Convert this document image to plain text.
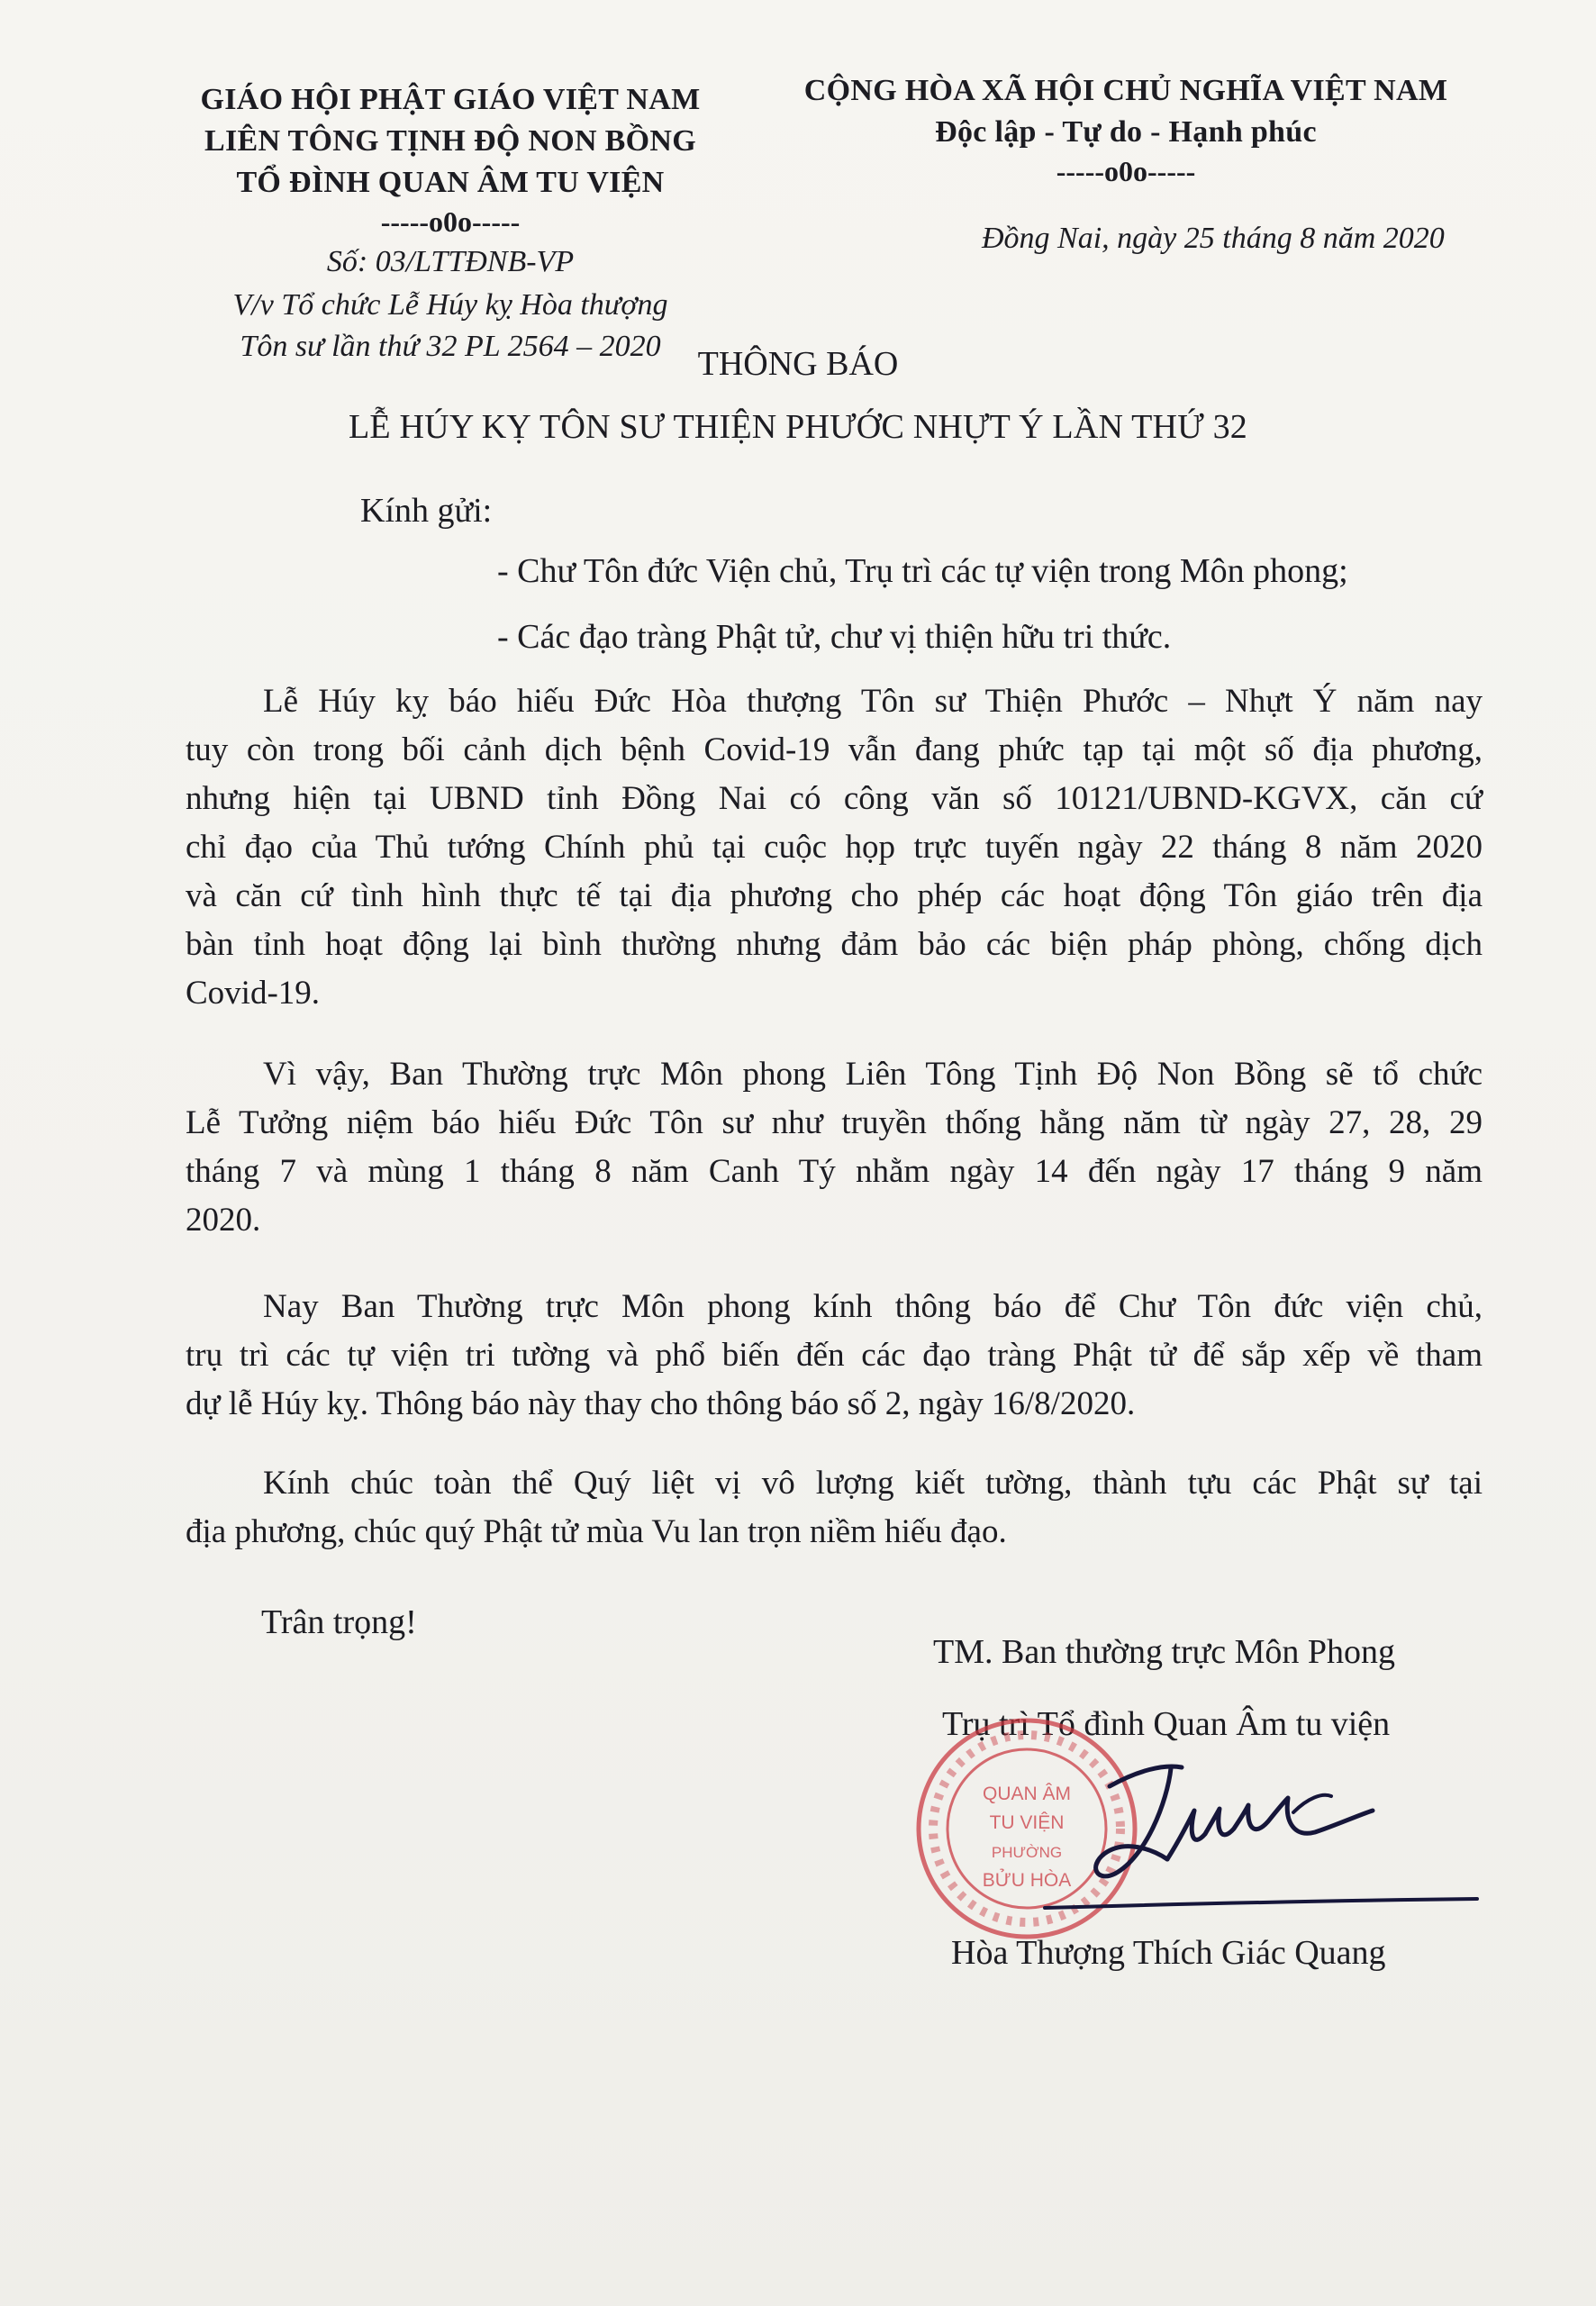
GIÁO HỘI PHẬT GIÁO VIỆT NAM
LIÊN TÔNG TỊNH ĐỘ NON BỒNG
TỔ ĐÌNH QUAN ÂM TU VIỆN
-----o0o-----
Số: 03/LTTĐNB-VP
V/v Tổ chức Lễ Húy kỵ Hòa thượng
Tôn sư lần thứ 32 PL 2564 – 2020
CỘNG HÒA XÃ HỘI CHỦ NGHĨA VIỆT NAM
Độc lập - Tự do - Hạnh phúc
-----o0o-----
Đồng Nai, ngày 25 tháng 8 năm 2020
THÔNG BÁO
LỄ HÚY KỴ TÔN SƯ THIỆN PHƯỚC NHỰT Ý LẦN THỨ 32
Kính gửi:
- Chư Tôn đức Viện chủ, Trụ trì các tự viện trong Môn phong;
- Các đạo tràng Phật tử, chư vị thiện hữu tri thức.
Lễ Húy kỵ báo hiếu Đức Hòa thượng Tôn sư Thiện Phước – Nhựt Ý năm nay
tuy còn trong bối cảnh dịch bệnh Covid-19 vẫn đang phức tạp tại một số địa phương,
nhưng hiện tại UBND tỉnh Đồng Nai có công văn số 10121/UBND-KGVX, căn cứ
chỉ đạo của Thủ tướng Chính phủ tại cuộc họp trực tuyến ngày 22 tháng 8 năm 2020
và căn cứ tình hình thực tế tại địa phương cho phép các hoạt động Tôn giáo trên địa
bàn tỉnh hoạt động lại bình thường nhưng đảm bảo các biện pháp phòng, chống dịch
Covid-19.
Vì vậy, Ban Thường trực Môn phong Liên Tông Tịnh Độ Non Bồng sẽ tổ chức
Lễ Tưởng niệm báo hiếu Đức Tôn sư như truyền thống hằng năm từ ngày 27, 28, 29
tháng 7 và mùng 1 tháng 8 năm Canh Tý nhằm ngày 14 đến ngày 17 tháng 9 năm
2020.
Nay Ban Thường trực Môn phong kính thông báo để Chư Tôn đức viện chủ,
trụ trì các tự viện tri tường và phổ biến đến các đạo tràng Phật tử để sắp xếp về tham
dự lễ Húy kỵ. Thông báo này thay cho thông báo số 2, ngày 16/8/2020.
Kính chúc toàn thể Quý liệt vị vô lượng kiết tường, thành tựu các Phật sự tại
địa phương, chúc quý Phật tử mùa Vu lan trọn niềm hiếu đạo.
Trân trọng!
TM. Ban thường trực Môn Phong
Trụ trì Tổ đình Quan Âm tu viện
QUAN ÂM
TU VIỆN
PHƯỜNG
BỬU HÒA
Hòa Thượng Thích Giác Quang
